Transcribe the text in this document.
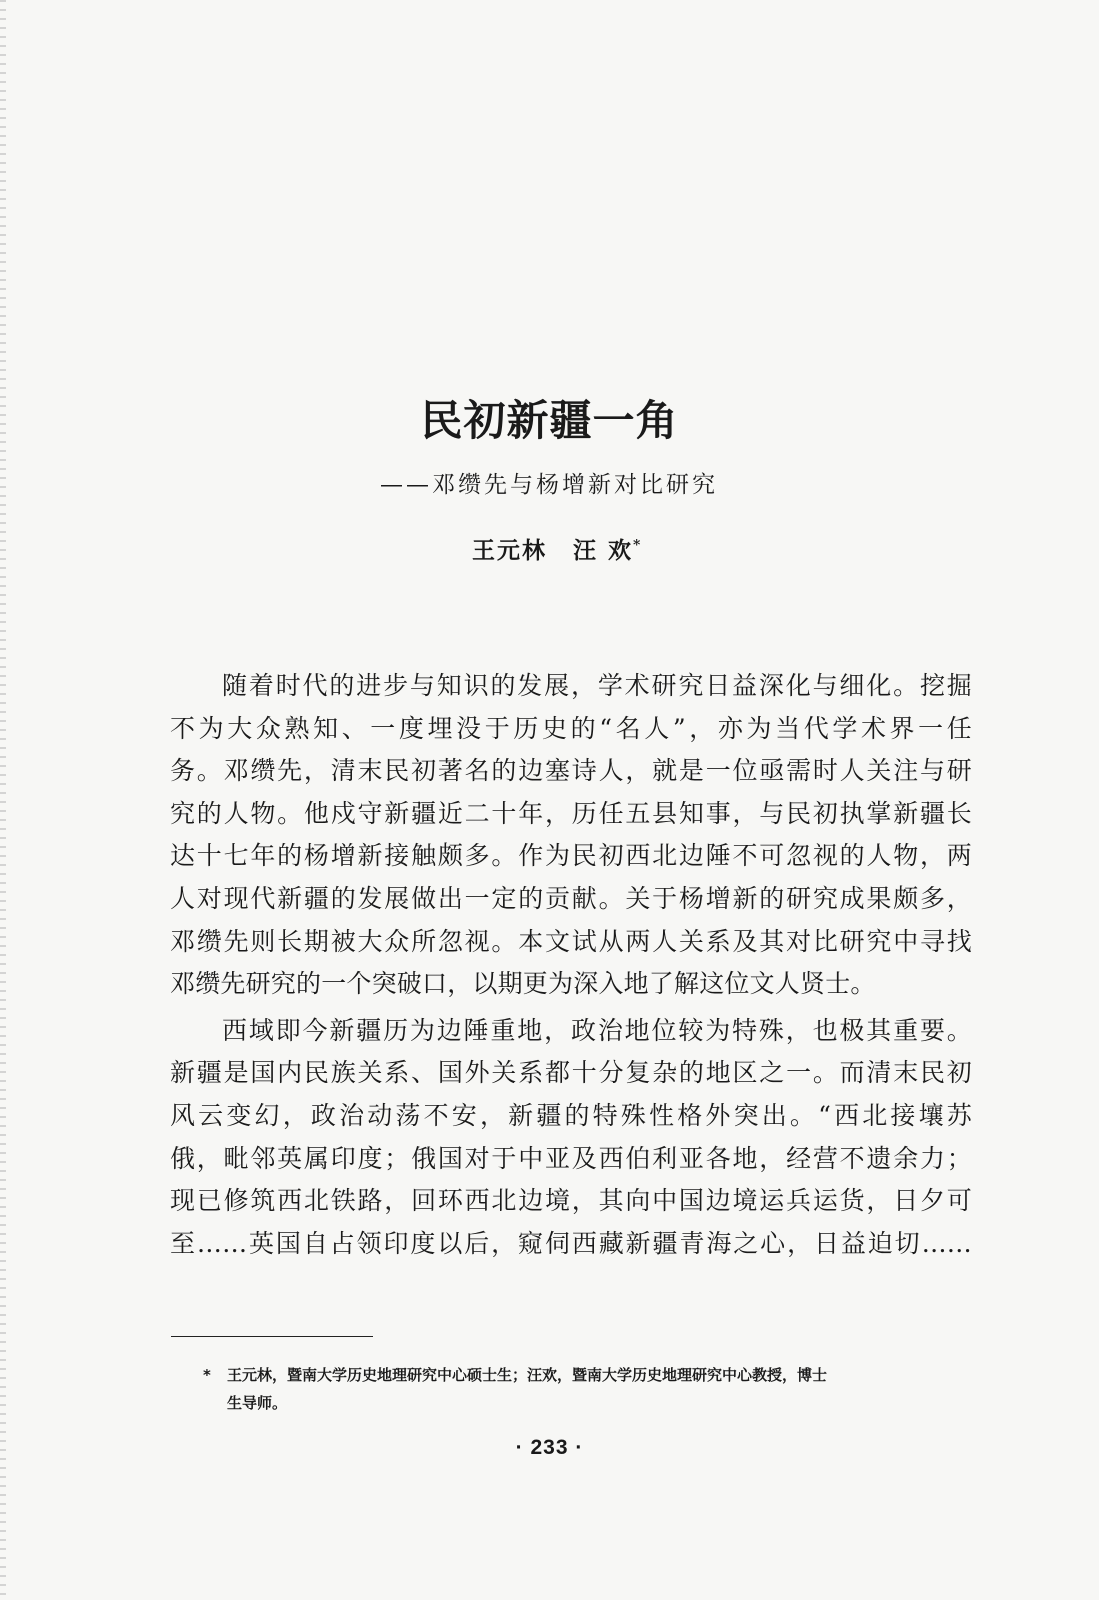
民初新疆一角
——邓缵先与杨增新对比研究
王元林 汪 欢*
随着时代的进步与知识的发展，学术研究日益深化与细化。挖掘
不为大众熟知、一度埋没于历史的“名人”，亦为当代学术界一任
务。邓缵先，清末民初著名的边塞诗人，就是一位亟需时人关注与研
究的人物。他戍守新疆近二十年，历任五县知事，与民初执掌新疆长
达十七年的杨增新接触颇多。作为民初西北边陲不可忽视的人物，两
人对现代新疆的发展做出一定的贡献。关于杨增新的研究成果颇多，
邓缵先则长期被大众所忽视。本文试从两人关系及其对比研究中寻找
邓缵先研究的一个突破口，以期更为深入地了解这位文人贤士。
西域即今新疆历为边陲重地，政治地位较为特殊，也极其重要。
新疆是国内民族关系、国外关系都十分复杂的地区之一。而清末民初
风云变幻，政治动荡不安，新疆的特殊性格外突出。“西北接壤苏
俄，毗邻英属印度；俄国对于中亚及西伯利亚各地，经营不遗余力；
现已修筑西北铁路，回环西北边境，其向中国边境运兵运货，日夕可
至……英国自占领印度以后，窥伺西藏新疆青海之心，日益迫切……
* 王元林，暨南大学历史地理研究中心硕士生；汪欢，暨南大学历史地理研究中心教授，博士
生导师。
· 233 ·
